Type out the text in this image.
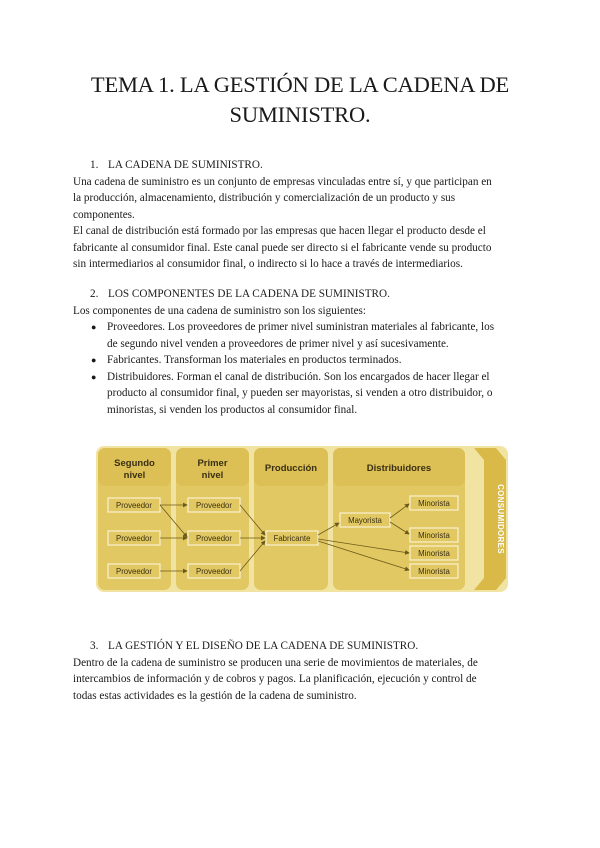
TEMA 1. LA GESTIÓN DE LA CADENA DE
SUMINISTRO.
1. LA CADENA DE SUMINISTRO.

Una cadena de suministro es un conjunto de empresas vinculadas entre sí, y que participan en
la producción, almacenamiento, distribución y comercialización de un producto y sus
componentes.

El canal de distribución está formado por las empresas que hacen llegar el producto desde el
fabricante al consumidor final. Este canal puede ser directo si el fabricante vende su producto
sin intermediarios al consumidor final, o indirecto si lo hace a través de intermediarios.

2. LOS COMPONENTES DE LA CADENA DE SUMINISTRO.

Los componentes de una cadena de suministro son los siguientes:

● Proveedores. Los proveedores de primer nivel suministran materiales al fabricante, los
de segundo nivel venden a proveedores de primer nivel y así sucesivamente.
● Fabricantes. Transforman los materiales en productos terminados.
● Distribuidores. Forman el canal de distribución. Son los encargados de hacer llegar el
producto al consumidor final, y pueden ser mayoristas, si venden a otro distribuidor, o
minoristas, si venden los productos al consumidor final.
Segundo
nivel
Primer
nivel
Producción	Distribuidores
CONSUMIDORES
Proveedor
Proveedor
Proveedor
Proveedor
Proveedor
Proveedor
Fabricante
Mayorista
Minorista
Minorista
Minorista
Minorista
3. LA GESTIÓN Y EL DISEÑO DE LA CADENA DE SUMINISTRO.

Dentro de la cadena de suministro se producen una serie de movimientos de materiales, de
intercambios de información y de cobros y pagos. La planificación, ejecución y control de
todas estas actividades es la gestión de la cadena de suministro.
